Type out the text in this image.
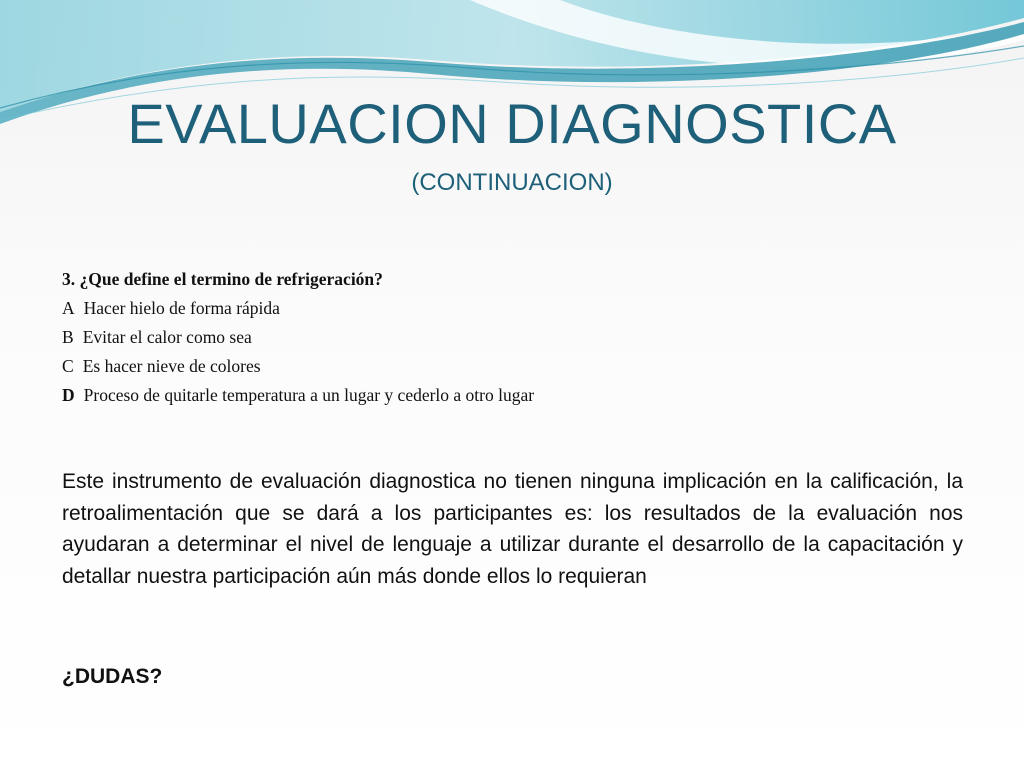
EVALUACION DIAGNOSTICA
(CONTINUACION)
3. ¿Que define el termino de refrigeración?
A Hacer hielo de forma rápida
B Evitar el calor como sea
C Es hacer nieve de colores
D Proceso de quitarle temperatura a un lugar y cederlo a otro lugar

Este instrumento de evaluación diagnostica no tienen ninguna implicación en la calificación, la retroalimentación que se dará a los participantes es: los resultados de la evaluación nos ayudaran a determinar el nivel de lenguaje a utilizar durante el desarrollo de la capacitación y detallar nuestra participación aún más donde ellos lo requieran

¿DUDAS?
